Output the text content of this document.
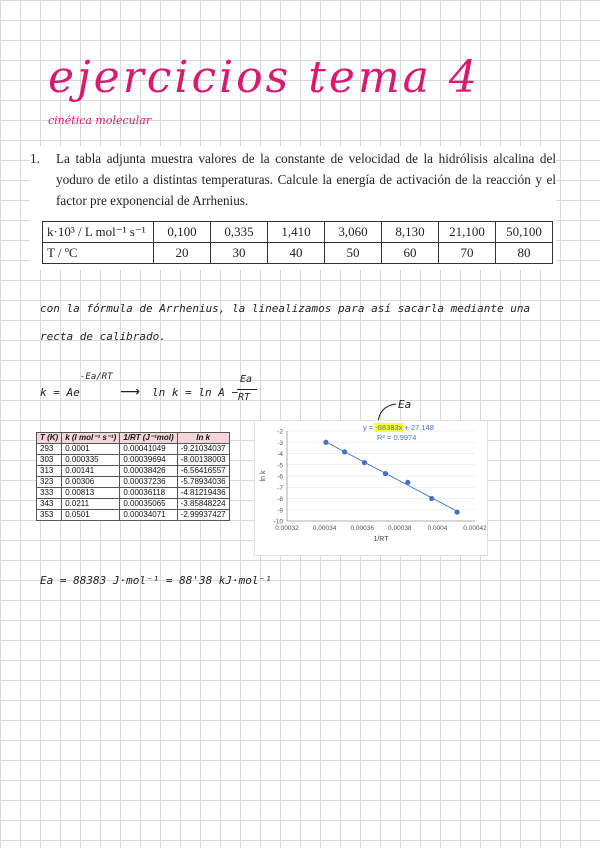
ejercicios tema 4
cinética molecular
1.	La tabla adjunta muestra valores de la constante de velocidad de la hidrólisis alcalina del yoduro de etilo a distintas temperaturas. Calcule la energía de activación de la reacción y el factor pre exponencial de Arrhenius.
k·10³ / L mol⁻¹ s⁻¹	0,100	0,335	1,410	3,060	8,130	21,100	50,100
T / ºC	20	30	40	50	60	70	80
con la fórmula de Arrhenius, la linealizamos para así sacarla mediante una
recta de calibrado.
k = Ae
-Ea/RT
⟶ ln k = ln A −
Ea
RT
Ea
T (K)	k (l mol⁻¹ s⁻¹)	1/RT (J⁻¹mol)	ln k
293	0.0001	0.00041049	-9.21034037
303	0.000335	0.00039694	-8.00138003
313	0.00141	0.00038426	-6.56416557
323	0.00306	0.00037236	-5.78934036
333	0.00813	0.00036118	-4.81219436
343	0.0211	0.00035065	-3.85848224
353	0.0501	0.00034071	-2.99937427
-2
-3
-4
-5
-6
-7
-8
-9
-10
0.00032 0.00034 0.00036 0.00038 0.0004 0.00042
1/RT
ln k
y = -88383x + 27.148
R² = 0.9974
Ea = 88383 J·mol⁻¹ = 88'38 kJ·mol⁻¹
